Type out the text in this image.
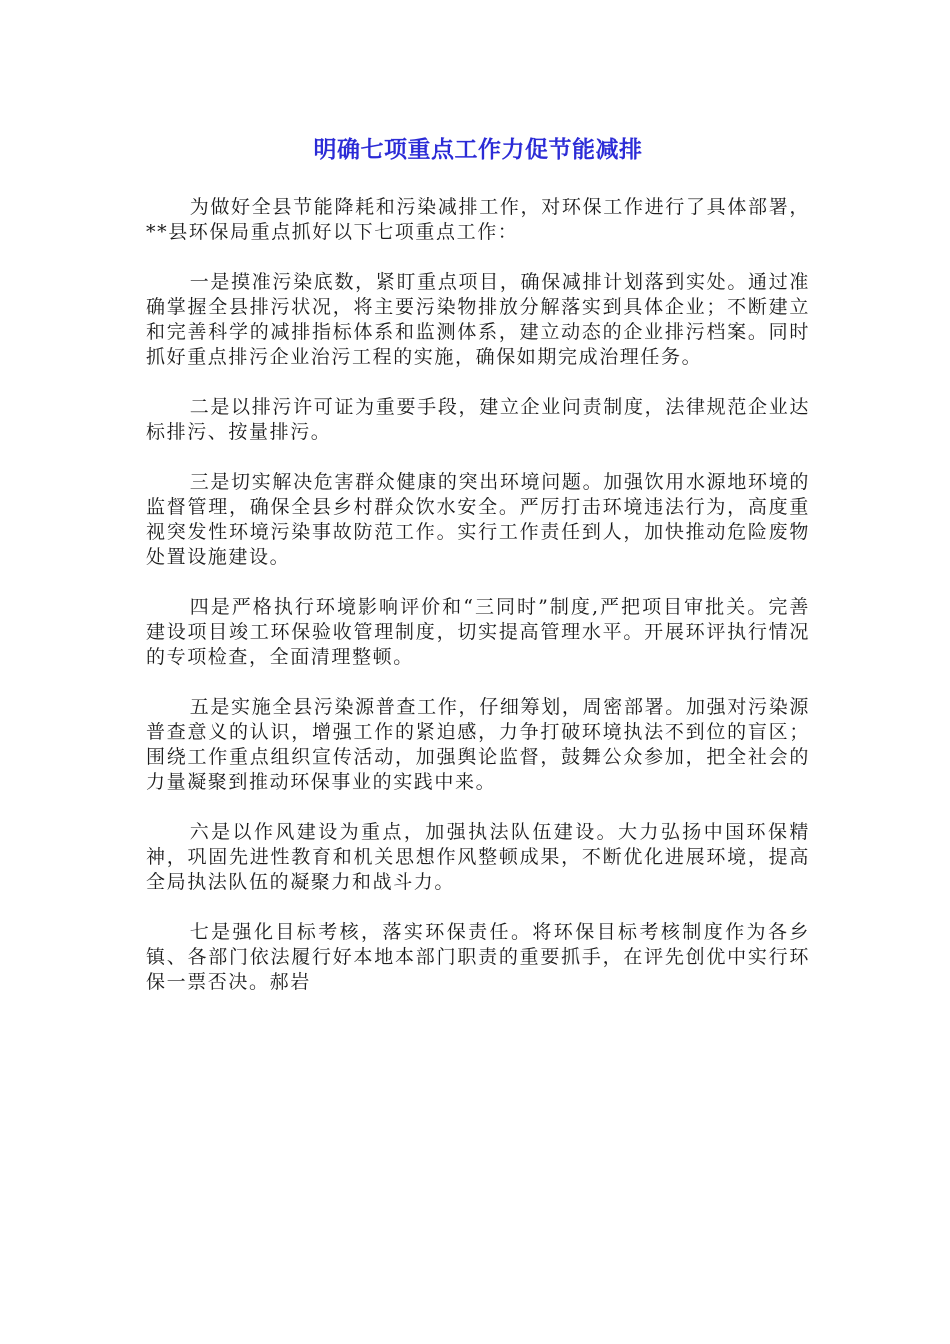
明确七项重点工作力促节能减排

为做好全县节能降耗和污染减排工作，对环保工作进行了具体部署，**县环保局重点抓好以下七项重点工作：

一是摸准污染底数，紧盯重点项目，确保减排计划落到实处。通过准确掌握全县排污状况，将主要污染物排放分解落实到具体企业；不断建立和完善科学的减排指标体系和监测体系，建立动态的企业排污档案。同时抓好重点排污企业治污工程的实施，确保如期完成治理任务。

二是以排污许可证为重要手段，建立企业问责制度，法律规范企业达标排污、按量排污。

三是切实解决危害群众健康的突出环境问题。加强饮用水源地环境的监督管理，确保全县乡村群众饮水安全。严厉打击环境违法行为，高度重视突发性环境污染事故防范工作。实行工作责任到人，加快推动危险废物处置设施建设。

四是严格执行环境影响评价和“三同时”制度,严把项目审批关。完善建设项目竣工环保验收管理制度，切实提高管理水平。开展环评执行情况的专项检查，全面清理整顿。

五是实施全县污染源普查工作，仔细筹划，周密部署。加强对污染源普查意义的认识，增强工作的紧迫感，力争打破环境执法不到位的盲区；围绕工作重点组织宣传活动，加强舆论监督，鼓舞公众参加，把全社会的力量凝聚到推动环保事业的实践中来。

六是以作风建设为重点，加强执法队伍建设。大力弘扬中国环保精神，巩固先进性教育和机关思想作风整顿成果，不断优化进展环境，提高全局执法队伍的凝聚力和战斗力。

七是强化目标考核，落实环保责任。将环保目标考核制度作为各乡镇、各部门依法履行好本地本部门职责的重要抓手，在评先创优中实行环保一票否决。郝岩
